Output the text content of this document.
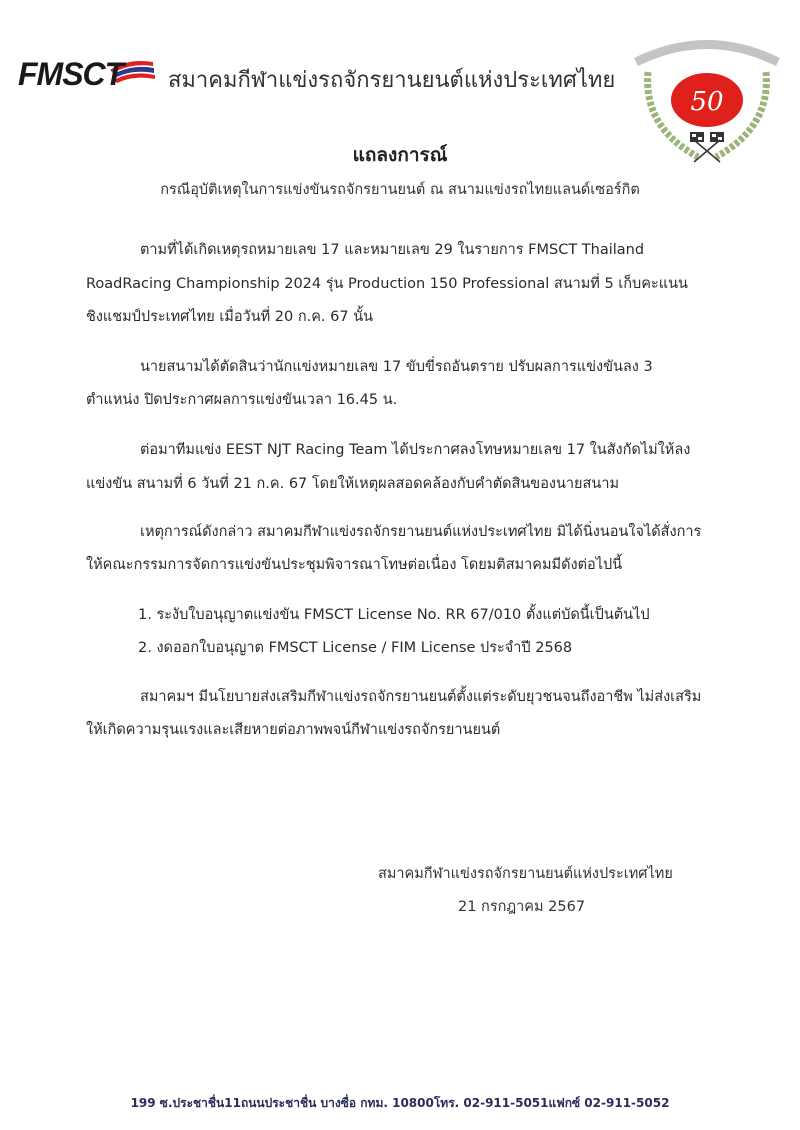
FMSCT สมาคมกีฬาแข่งรถจักรยานยนต์แห่งประเทศไทย
50
แถลงการณ์
กรณีอุบัติเหตุในการแข่งขันรถจักรยานยนต์ ณ สนามแข่งรถไทยแลนด์เซอร์กิต
ตามที่ได้เกิดเหตุรถหมายเลข 17 และหมายเลข 29 ในรายการ FMSCT Thailand
RoadRacing Championship 2024 รุ่น Production 150 Professional สนามที่ 5 เก็บคะแนน
ชิงแชมป์ประเทศไทย เมื่อวันที่ 20 ก.ค. 67 นั้น
นายสนามได้ตัดสินว่านักแข่งหมายเลข 17 ขับขี่รถอันตราย ปรับผลการแข่งขันลง 3
ตำแหน่ง ปิดประกาศผลการแข่งขันเวลา 16.45 น.
ต่อมาทีมแข่ง EEST NJT Racing Team ได้ประกาศลงโทษหมายเลข 17 ในสังกัดไม่ให้ลง
แข่งขัน สนามที่ 6 วันที่ 21 ก.ค. 67 โดยให้เหตุผลสอดคล้องกับคำตัดสินของนายสนาม
เหตุการณ์ดังกล่าว สมาคมกีฬาแข่งรถจักรยานยนต์แห่งประเทศไทย มิได้นิ่งนอนใจได้สั่งการ
ให้คณะกรรมการจัดการแข่งขันประชุมพิจารณาโทษต่อเนื่อง โดยมติสมาคมมีดังต่อไปนี้
1. ระงับใบอนุญาตแข่งขัน FMSCT License No. RR 67/010 ตั้งแต่บัดนี้เป็นต้นไป
2. งดออกใบอนุญาต FMSCT License / FIM License ประจำปี 2568
สมาคมฯ มีนโยบายส่งเสริมกีฬาแข่งรถจักรยานยนต์ตั้งแต่ระดับยุวชนจนถึงอาชีพ ไม่ส่งเสริม
ให้เกิดความรุนแรงและเสียหายต่อภาพพจน์กีฬาแข่งรถจักรยานยนต์
สมาคมกีฬาแข่งรถจักรยานยนต์แห่งประเทศไทย
21 กรกฎาคม 2567
199 ซ.ประชาชื่น11ถนนประชาชื่น บางซื่อ กทม. 10800โทร. 02-911-5051แฟกซ์ 02-911-5052
